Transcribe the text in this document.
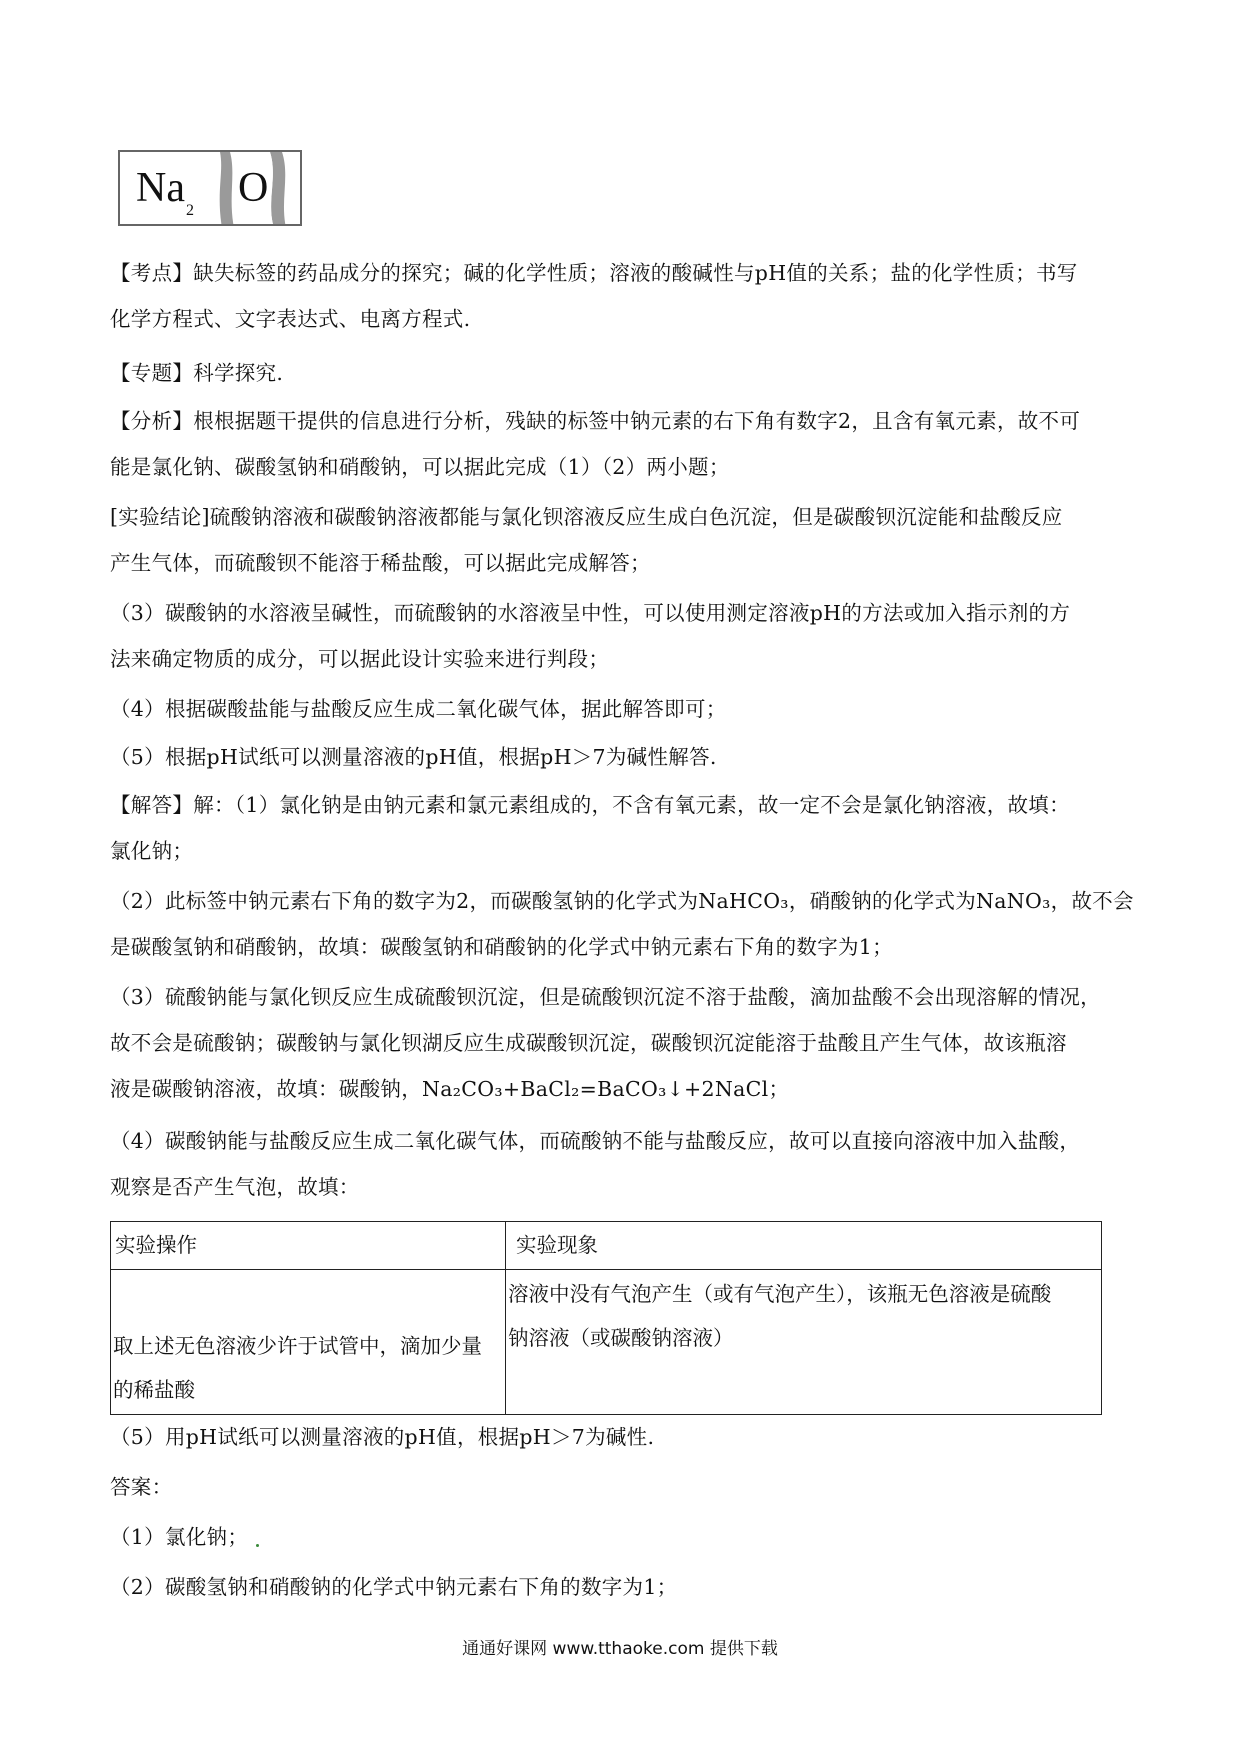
$Na_2$ O
【考点】缺失标签的药品成分的探究；碱的化学性质；溶液的酸碱性与pH值的关系；盐的化学性质；书写
化学方程式、文字表达式、电离方程式.
【专题】科学探究.
【分析】根根据题干提供的信息进行分析，残缺的标签中钠元素的右下角有数字2，且含有氧元素，故不可
能是氯化钠、碳酸氢钠和硝酸钠，可以据此完成（1）（2）两小题；
[实验结论]硫酸钠溶液和碳酸钠溶液都能与氯化钡溶液反应生成白色沉淀，但是碳酸钡沉淀能和盐酸反应
产生气体，而硫酸钡不能溶于稀盐酸，可以据此完成解答；
（3）碳酸钠的水溶液呈碱性，而硫酸钠的水溶液呈中性，可以使用测定溶液pH的方法或加入指示剂的方
法来确定物质的成分，可以据此设计实验来进行判段；
（4）根据碳酸盐能与盐酸反应生成二氧化碳气体，据此解答即可；
（5）根据pH试纸可以测量溶液的pH值，根据pH＞7为碱性解答.
【解答】解：（1）氯化钠是由钠元素和氯元素组成的，不含有氧元素，故一定不会是氯化钠溶液，故填：
氯化钠；
（2）此标签中钠元素右下角的数字为2，而碳酸氢钠的化学式为NaHCO₃，硝酸钠的化学式为NaNO₃，故不会
是碳酸氢钠和硝酸钠，故填：碳酸氢钠和硝酸钠的化学式中钠元素右下角的数字为1；
（3）硫酸钠能与氯化钡反应生成硫酸钡沉淀，但是硫酸钡沉淀不溶于盐酸，滴加盐酸不会出现溶解的情况，
故不会是硫酸钠；碳酸钠与氯化钡湖反应生成碳酸钡沉淀，碳酸钡沉淀能溶于盐酸且产生气体，故该瓶溶
液是碳酸钠溶液，故填：碳酸钠，Na₂CO₃+BaCl₂=BaCO₃↓+2NaCl；
（4）碳酸钠能与盐酸反应生成二氧化碳气体，而硫酸钠不能与盐酸反应，故可以直接向溶液中加入盐酸，
观察是否产生气泡，故填：
实验操作	实验现象

取上述无色溶液少许于试管中，滴加少量
的稀盐酸	溶液中没有气泡产生（或有气泡产生），该瓶无色溶液是硫酸
钠溶液（或碳酸钠溶液）
（5）用pH试纸可以测量溶液的pH值，根据pH＞7为碱性.
答案：
（1）氯化钠；
（2）碳酸氢钠和硝酸钠的化学式中钠元素右下角的数字为1；
通通好课网 www.tthaoke.com 提供下载
